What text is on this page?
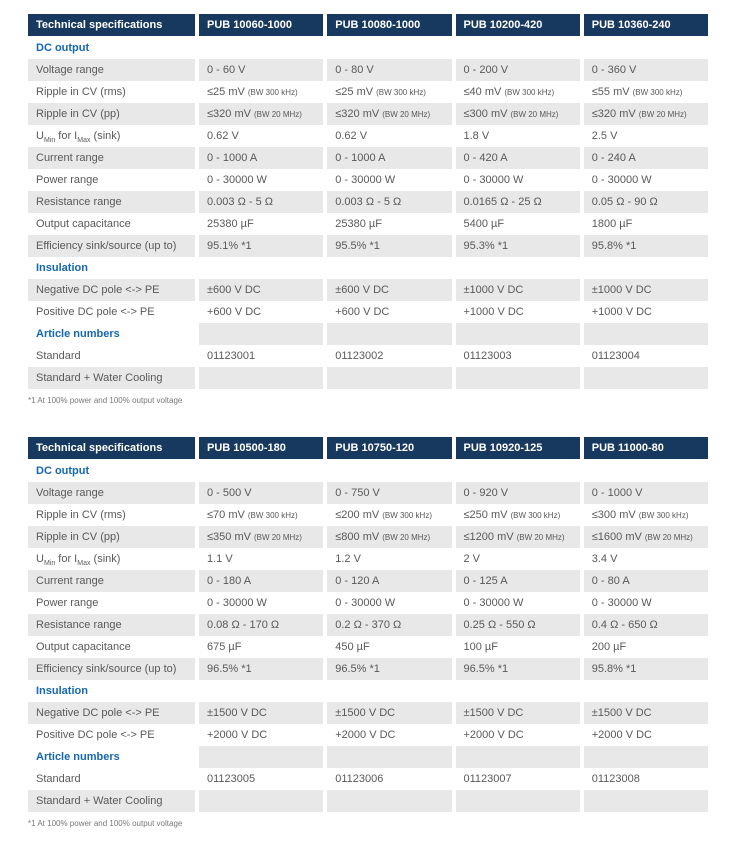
Technical specifications	PUB 10060-1000	PUB 10080-1000	PUB 10200-420	PUB 10360-240
DC output
Voltage range	0 - 60 V	0 - 80 V	0 - 200 V	0 - 360 V
Ripple in CV (rms)	≤25 mV (BW 300 kHz)	≤25 mV (BW 300 kHz)	≤40 mV (BW 300 kHz)	≤55 mV (BW 300 kHz)
Ripple in CV (pp)	≤320 mV (BW 20 MHz)	≤320 mV (BW 20 MHz)	≤300 mV (BW 20 MHz)	≤320 mV (BW 20 MHz)
$U_{Min}$ for $I_{Max}$ (sink)	0.62 V	0.62 V	1.8 V	2.5 V
Current range	0 - 1000 A	0 - 1000 A	0 - 420 A	0 - 240 A
Power range	0 - 30000 W	0 - 30000 W	0 - 30000 W	0 - 30000 W
Resistance range	0.003 Ω - 5 Ω	0.003 Ω - 5 Ω	0.0165 Ω - 25 Ω	0.05 Ω - 90 Ω
Output capacitance	25380 µF	25380 µF	5400 µF	1800 µF
Efficiency sink/source (up to)	95.1% *1	95.5% *1	95.3% *1	95.8% *1
Insulation
Negative DC pole <-> PE	±600 V DC	±600 V DC	±1000 V DC	±1000 V DC
Positive DC pole <-> PE	+600 V DC	+600 V DC	+1000 V DC	+1000 V DC
Article numbers
Standard	01123001	01123002	01123003	01123004
Standard + Water Cooling
*1 At 100% power and 100% output voltage
Technical specifications	PUB 10500-180	PUB 10750-120	PUB 10920-125	PUB 11000-80
DC output
Voltage range	0 - 500 V	0 - 750 V	0 - 920 V	0 - 1000 V
Ripple in CV (rms)	≤70 mV (BW 300 kHz)	≤200 mV (BW 300 kHz)	≤250 mV (BW 300 kHz)	≤300 mV (BW 300 kHz)
Ripple in CV (pp)	≤350 mV (BW 20 MHz)	≤800 mV (BW 20 MHz)	≤1200 mV (BW 20 MHz)	≤1600 mV (BW 20 MHz)
$U_{Min}$ for $I_{Max}$ (sink)	1.1 V	1.2 V	2 V	3.4 V
Current range	0 - 180 A	0 - 120 A	0 - 125 A	0 - 80 A
Power range	0 - 30000 W	0 - 30000 W	0 - 30000 W	0 - 30000 W
Resistance range	0.08 Ω - 170 Ω	0.2 Ω - 370 Ω	0.25 Ω - 550 Ω	0.4 Ω - 650 Ω
Output capacitance	675 µF	450 µF	100 µF	200 µF
Efficiency sink/source (up to)	96.5% *1	96.5% *1	96.5% *1	95.8% *1
Insulation
Negative DC pole <-> PE	±1500 V DC	±1500 V DC	±1500 V DC	±1500 V DC
Positive DC pole <-> PE	+2000 V DC	+2000 V DC	+2000 V DC	+2000 V DC
Article numbers
Standard	01123005	01123006	01123007	01123008
Standard + Water Cooling
*1 At 100% power and 100% output voltage
